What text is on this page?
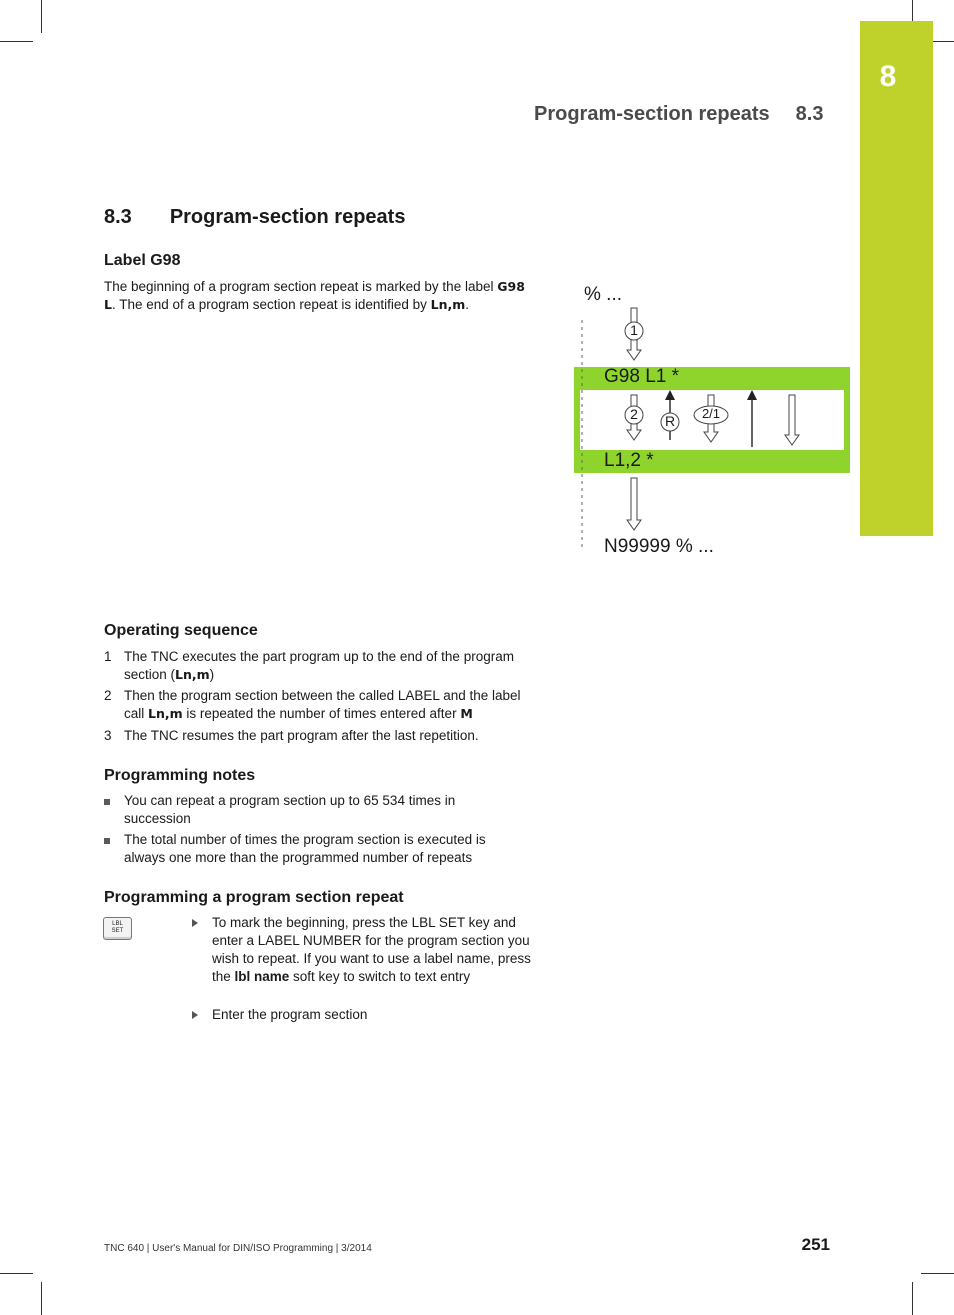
8
Program-section repeats 8.3
8.3 Program-section repeats
Label G98
The beginning of a program section repeat is marked by the label G98 L. The end of a program section repeat is identified by Ln,m.	% ...
G98 L1 *
L1,2 *
N99999 % ...
1
2 R	2/1
Operating sequence
1 The TNC executes the part program up to the end of the program section (Ln,m)
2 Then the program section between the called LABEL and the label call Ln,m is repeated the number of times entered after M
3 The TNC resumes the part program after the last repetition.
Programming notes
You can repeat a program section up to 65 534 times in succession
The total number of times the program section is executed is always one more than the programmed number of repeats
Programming a program section repeat
LBL
SET
To mark the beginning, press the LBL SET key and enter a LABEL NUMBER for the program section you wish to repeat. If you want to use a label name, press the lbl name soft key to switch to text entry
Enter the program section
TNC 640 | User's Manual for DIN/ISO Programming | 3/2014	251
